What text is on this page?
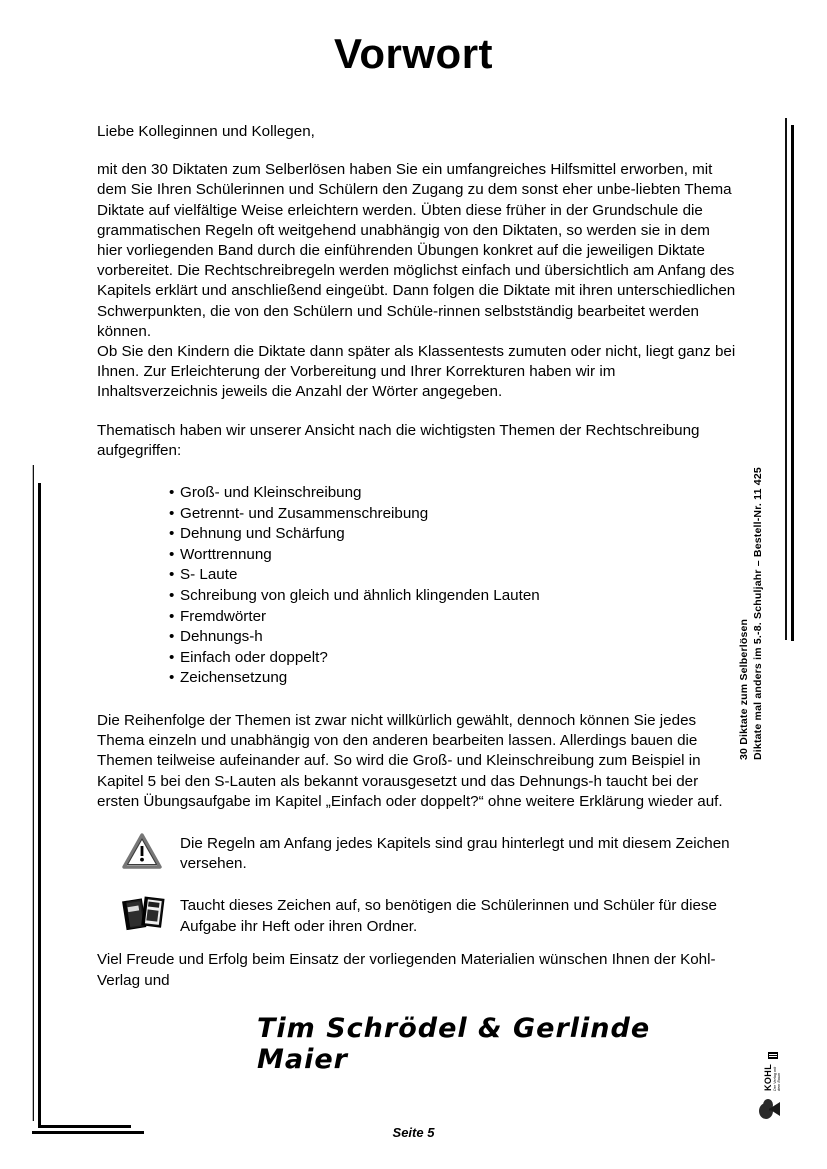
Vorwort

Liebe Kolleginnen und Kollegen,

mit den 30 Diktaten zum Selberlösen haben Sie ein umfangreiches Hilfsmittel erworben, mit dem Sie Ihren Schülerinnen und Schülern den Zugang zu dem sonst eher unbe-liebten Thema Diktate auf vielfältige Weise erleichtern werden. Übten diese früher in der Grundschule die grammatischen Regeln oft weitgehend unabhängig von den Diktaten, so werden sie in dem hier vorliegenden Band durch die einführenden Übungen konkret auf die jeweiligen Diktate vorbereitet. Die Rechtschreibregeln werden möglichst einfach und übersichtlich am Anfang des Kapitels erklärt und anschließend eingeübt. Dann folgen die Diktate mit ihren unterschiedlichen Schwerpunkten, die von den Schülern und Schüle-rinnen selbstständig bearbeitet werden können.

Ob Sie den Kindern die Diktate dann später als Klassentests zumuten oder nicht, liegt ganz bei Ihnen. Zur Erleichterung der Vorbereitung und Ihrer Korrekturen haben wir im Inhaltsverzeichnis jeweils die Anzahl der Wörter angegeben.

Thematisch haben wir unserer Ansicht nach die wichtigsten Themen der Rechtschreibung aufgegriffen:

• Groß- und Kleinschreibung
• Getrennt- und Zusammenschreibung
• Dehnung und Schärfung
• Worttrennung
• S- Laute
• Schreibung von gleich und ähnlich klingenden Lauten
• Fremdwörter
• Dehnungs-h
• Einfach oder doppelt?
• Zeichensetzung

Die Reihenfolge der Themen ist zwar nicht willkürlich gewählt, dennoch können Sie jedes Thema einzeln und unabhängig von den anderen bearbeiten lassen. Allerdings bauen die Themen teilweise aufeinander auf. So wird die Groß- und Kleinschreibung zum Beispiel in Kapitel 5 bei den S-Lauten als bekannt vorausgesetzt und das Dehnungs-h taucht bei der ersten Übungsaufgabe im Kapitel „Einfach oder doppelt?“ ohne weitere Erklärung wieder auf.

Die Regeln am Anfang jedes Kapitels sind grau hinterlegt und mit diesem Zeichen versehen.
Taucht dieses Zeichen auf, so benötigen die Schülerinnen und Schüler für diese Aufgabe ihr Heft oder ihren Ordner.

Viel Freude und Erfolg beim Einsatz der vorliegenden Materialien wünschen Ihnen der Kohl-Verlag und

Tim Schrödel & Gerlinde Maier
Seite 5
30 Diktate zum Selberlösen Diktate mal anders im 5.-8. Schuljahr – Bestell-Nr. 11 425
KOHL Der Verlag mit dem Baum
